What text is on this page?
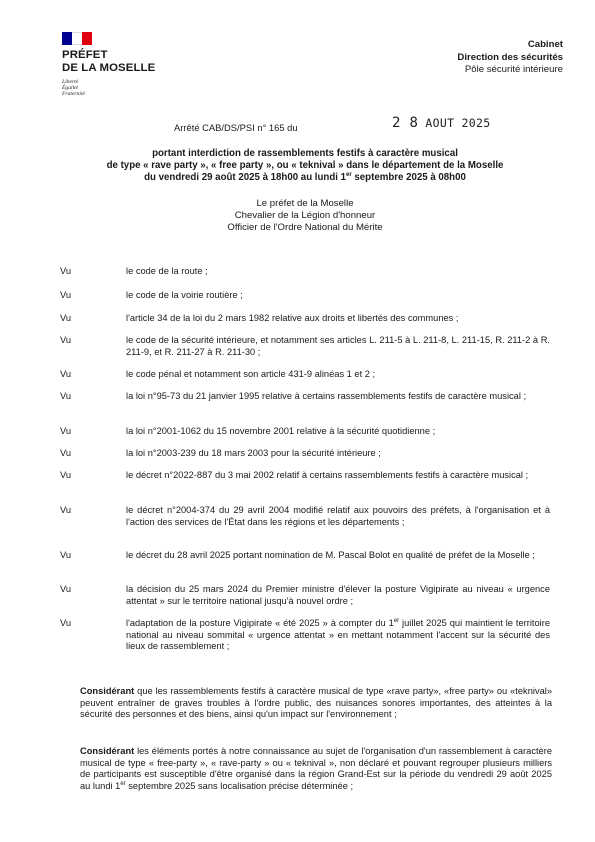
PRÉFET
DE LA MOSELLE
Liberté
Égalité
Fraternité
Cabinet
Direction des sécurités
Pôle sécurité intérieure
Arrêté CAB/DS/PSI n° 165 du	2 8 AOUT 2025
portant interdiction de rassemblements festifs à caractère musical
de type « rave party », « free party », ou « teknival » dans le département de la Moselle
du vendredi 29 août 2025 à 18h00 au lundi 1er septembre 2025 à 08h00
Le préfet de la Moselle
Chevalier de la Légion d'honneur
Officier de l'Ordre National du Mérite
Vu	le code de la route ;
Vu	le code de la voirie routière ;
Vu	l'article 34 de la loi du 2 mars 1982 relative aux droits et libertés des communes ;
Vu	le code de la sécurité intérieure, et notamment ses articles L. 211-5 à L. 211-8, L. 211-15, R. 211-2 à R. 211-9, et R. 211-27 à R. 211-30 ;
Vu	le code pénal et notamment son article 431-9 alinéas 1 et 2 ;
Vu	la loi n°95-73 du 21 janvier 1995 relative à certains rassemblements festifs de caractère musical ;
Vu	la loi n°2001-1062 du 15 novembre 2001 relative à la sécurité quotidienne ;
Vu	la loi n°2003-239 du 18 mars 2003 pour la sécurité intérieure ;
Vu	le décret n°2022-887 du 3 mai 2002 relatif à certains rassemblements festifs à caractère musical ;
Vu	le décret n°2004-374 du 29 avril 2004 modifié relatif aux pouvoirs des préfets, à l'organisation et à l'action des services de l'État dans les régions et les départements ;
Vu	le décret du 28 avril 2025 portant nomination de M. Pascal Bolot en qualité de préfet de la Moselle ;
Vu	la décision du 25 mars 2024 du Premier ministre d'élever la posture Vigipirate au niveau « urgence attentat » sur le territoire national jusqu'à nouvel ordre ;
Vu	l'adaptation de la posture Vigipirate « été 2025 » à compter du 1er juillet 2025 qui maintient le territoire national au niveau sommital « urgence attentat » en mettant notamment l'accent sur la sécurité des lieux de rassemblement ;
Considérant que les rassemblements festifs à caractère musical de type «rave party», «free party» ou «teknival» peuvent entraîner de graves troubles à l'ordre public, des nuisances sonores importantes, des atteintes à la sécurité des personnes et des biens, ainsi qu'un impact sur l'environnement ;
Considérant les éléments portés à notre connaissance au sujet de l'organisation d'un rassemblement à caractère musical de type « free-party », « rave-party » ou « teknival », non déclaré et pouvant regrouper plusieurs milliers de participants est susceptible d'être organisé dans la région Grand-Est sur la période du vendredi 29 août 2025 au lundi 1er septembre 2025 sans localisation précise déterminée ;
